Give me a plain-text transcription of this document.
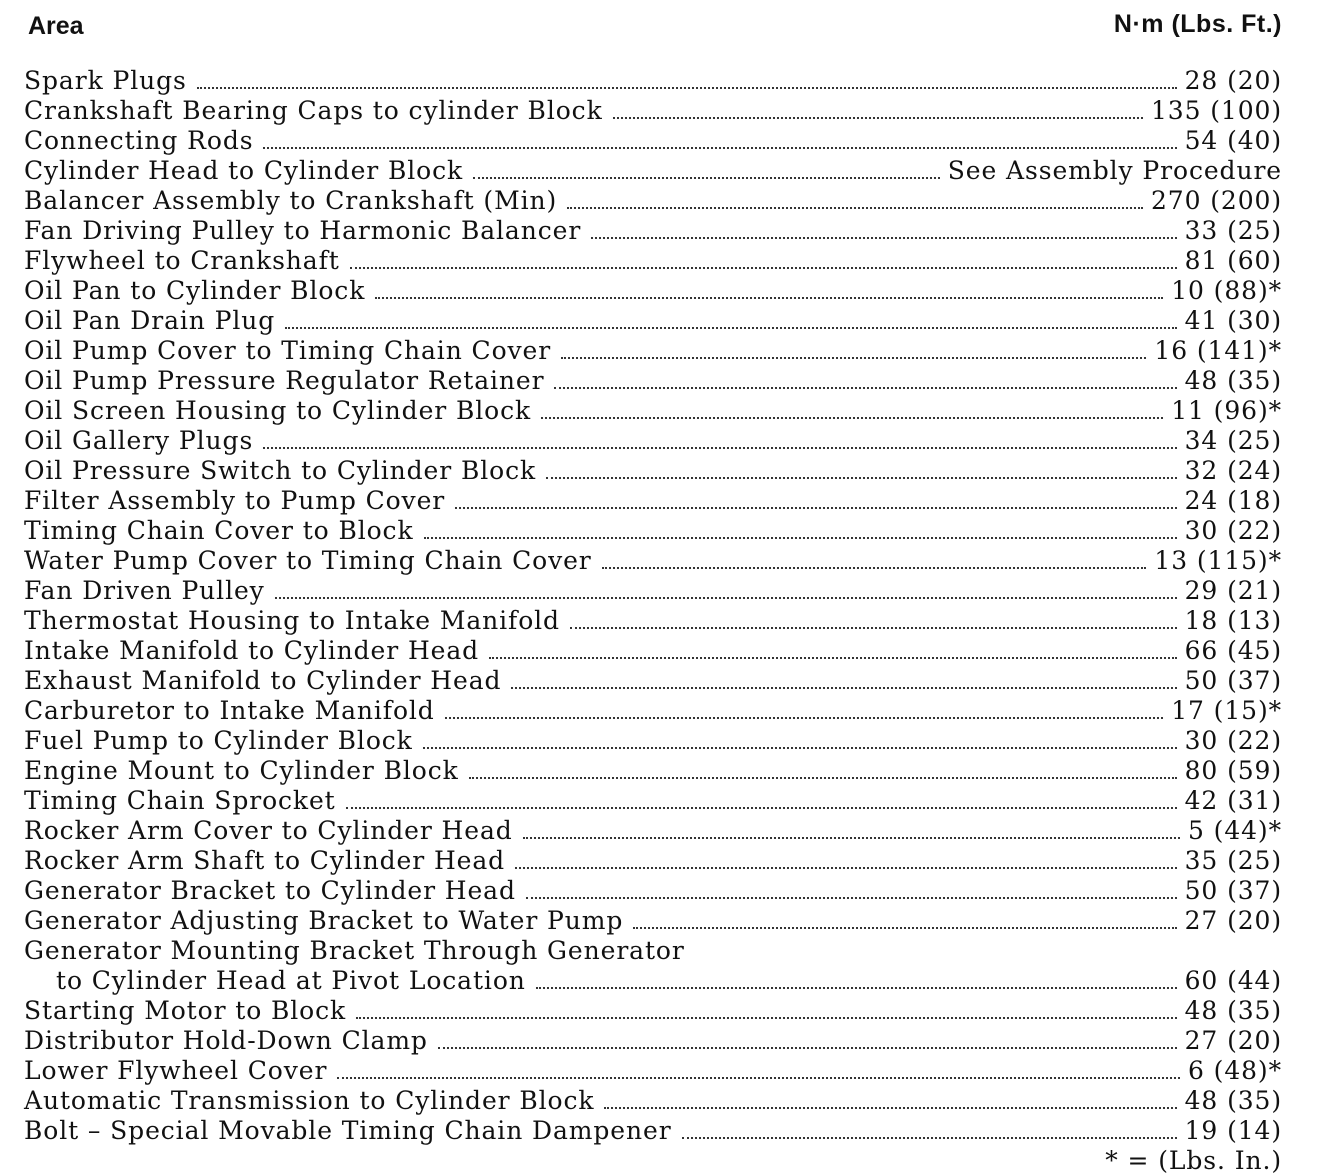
Area	N·m (Lbs. Ft.)
Spark Plugs	28 (20)
Crankshaft Bearing Caps to cylinder Block	135 (100)
Connecting Rods	54 (40)
Cylinder Head to Cylinder Block	See Assembly Procedure
Balancer Assembly to Crankshaft (Min)	270 (200)
Fan Driving Pulley to Harmonic Balancer	33 (25)
Flywheel to Crankshaft	81 (60)
Oil Pan to Cylinder Block	10 (88)*
Oil Pan Drain Plug	41 (30)
Oil Pump Cover to Timing Chain Cover	16 (141)*
Oil Pump Pressure Regulator Retainer	48 (35)
Oil Screen Housing to Cylinder Block	11 (96)*
Oil Gallery Plugs	34 (25)
Oil Pressure Switch to Cylinder Block	32 (24)
Filter Assembly to Pump Cover	24 (18)
Timing Chain Cover to Block	30 (22)
Water Pump Cover to Timing Chain Cover	13 (115)*
Fan Driven Pulley	29 (21)
Thermostat Housing to Intake Manifold	18 (13)
Intake Manifold to Cylinder Head	66 (45)
Exhaust Manifold to Cylinder Head	50 (37)
Carburetor to Intake Manifold	17 (15)*
Fuel Pump to Cylinder Block	30 (22)
Engine Mount to Cylinder Block	80 (59)
Timing Chain Sprocket	42 (31)
Rocker Arm Cover to Cylinder Head	5 (44)*
Rocker Arm Shaft to Cylinder Head	35 (25)
Generator Bracket to Cylinder Head	50 (37)
Generator Adjusting Bracket to Water Pump	27 (20)
Generator Mounting Bracket Through Generator
to Cylinder Head at Pivot Location	60 (44)
Starting Motor to Block	48 (35)
Distributor Hold-Down Clamp	27 (20)
Lower Flywheel Cover	6 (48)*
Automatic Transmission to Cylinder Block	48 (35)
Bolt – Special Movable Timing Chain Dampener	19 (14)
* = (Lbs. In.)
